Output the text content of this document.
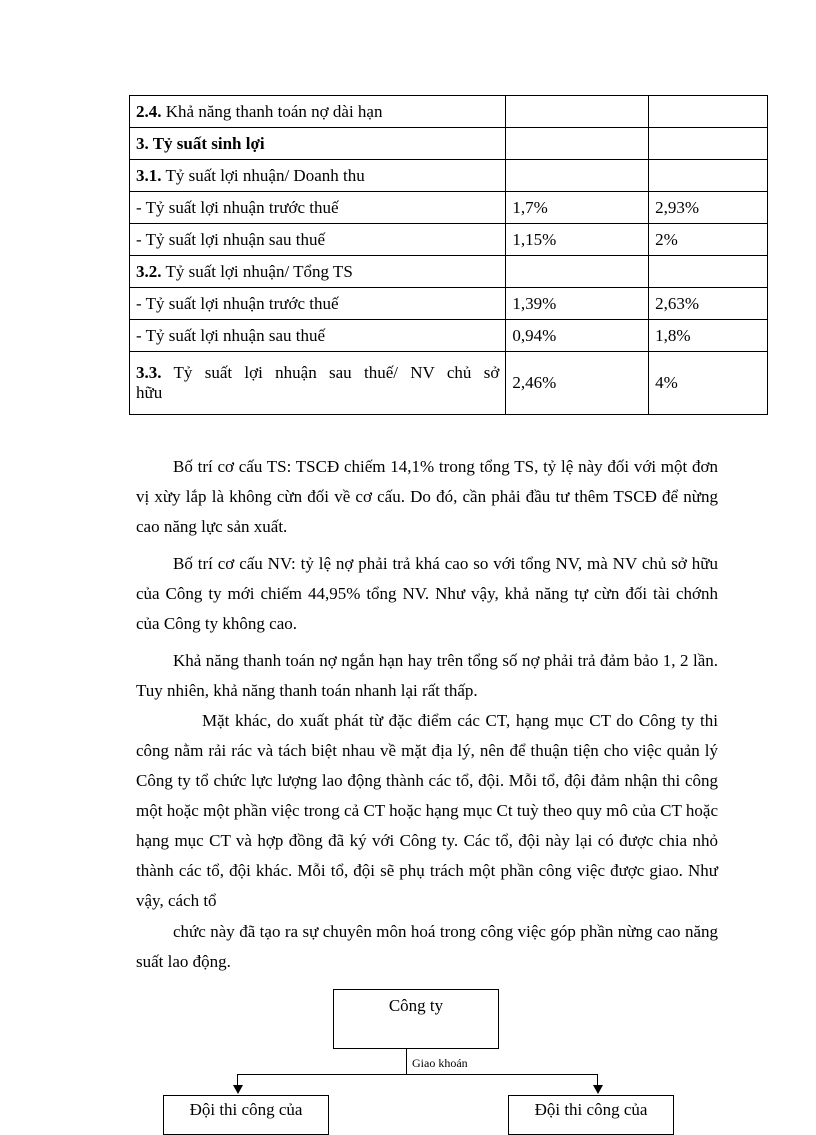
2.4. Khả năng thanh toán nợ dài hạn		
3. Tỷ suất sinh lợi		
3.1. Tỷ suất lợi nhuận/ Doanh thu		
- Tỷ suất lợi nhuận trước thuế	1,7%	2,93%
- Tỷ suất lợi nhuận sau thuế	1,15%	2%
3.2. Tỷ suất lợi nhuận/ Tổng TS		
- Tỷ suất lợi nhuận trước thuế	1,39%	2,63%
- Tỷ suất lợi nhuận sau thuế	0,94%	1,8%

3.3. Tỷ suất lợi nhuận sau thuế/ NV chủ sở
hữu	2,46%	4%

Bố trí cơ cấu TS: TSCĐ chiếm 14,1% trong tổng TS, tỷ lệ này đối với một đơn vị xừy lắp là không cừn đối về cơ cấu. Do đó, cần phải đầu tư thêm TSCĐ để nừng cao năng lực sản xuất.

Bố trí cơ cấu NV: tỷ lệ nợ phải trả khá cao so với tổng NV, mà NV chủ sở hữu của Công ty mới chiếm 44,95% tổng NV. Như vậy, khả năng tự cừn đối tài chớnh của Công ty không cao.

Khả năng thanh toán nợ ngắn hạn hay trên tổng số nợ phải trả đảm bảo 1, 2 lần. Tuy nhiên, khả năng thanh toán nhanh lại rất thấp.

Mặt khác, do xuất phát từ đặc điểm các CT, hạng mục CT do Công ty thi công nằm rải rác và tách biệt nhau về mặt địa lý, nên để thuận tiện cho việc quản lý Công ty tổ chức lực lượng lao động thành các tổ, đội. Mỗi tổ, đội đảm nhận thi công một hoặc một phần việc trong cả CT hoặc hạng mục Ct tuỳ theo quy mô của CT hoặc hạng mục CT và hợp đồng đã ký với Công ty. Các tổ, đội này lại có được chia nhỏ thành các tổ, đội khác. Mỗi tổ, đội sẽ phụ trách một phần công việc được giao. Như vậy, cách tổ

chức này đã tạo ra sự chuyên môn hoá trong công việc góp phần nừng cao năng suất lao động.

Công ty
Giao khoán
Đội thi công của	Đội thi công của
